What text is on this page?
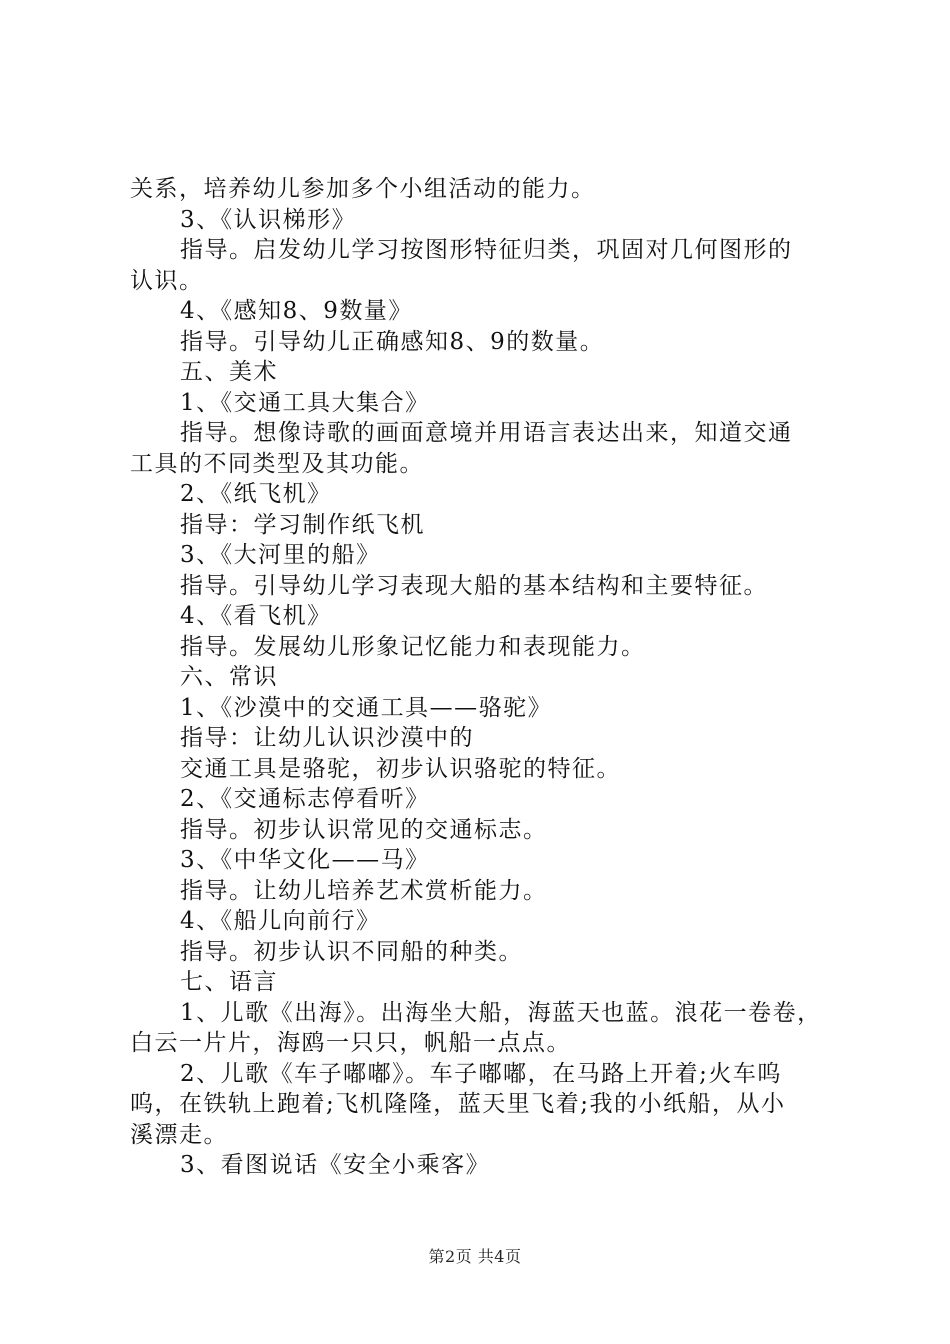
关系，培养幼儿参加多个小组活动的能力。
3、《认识梯形》
指导。启发幼儿学习按图形特征归类，巩固对几何图形的
认识。
4、《感知8、9数量》
指导。引导幼儿正确感知8、9的数量。
五、美术
1、《交通工具大集合》
指导。想像诗歌的画面意境并用语言表达出来，知道交通
工具的不同类型及其功能。
2、《纸飞机》
指导：学习制作纸飞机
3、《大河里的船》
指导。引导幼儿学习表现大船的基本结构和主要特征。
4、《看飞机》
指导。发展幼儿形象记忆能力和表现能力。
六、常识
1、《沙漠中的交通工具——骆驼》
指导：让幼儿认识沙漠中的
交通工具是骆驼，初步认识骆驼的特征。
2、《交通标志停看听》
指导。初步认识常见的交通标志。
3、《中华文化——马》
指导。让幼儿培养艺术赏析能力。
4、《船儿向前行》
指导。初步认识不同船的种类。
七、语言
1、儿歌《出海》。出海坐大船，海蓝天也蓝。浪花一卷卷，
白云一片片，海鸥一只只，帆船一点点。
2、儿歌《车子嘟嘟》。车子嘟嘟，在马路上开着;火车呜
呜，在铁轨上跑着;飞机隆隆，蓝天里飞着;我的小纸船，从小
溪漂走。
3、看图说话《安全小乘客》
第2页 共4页
